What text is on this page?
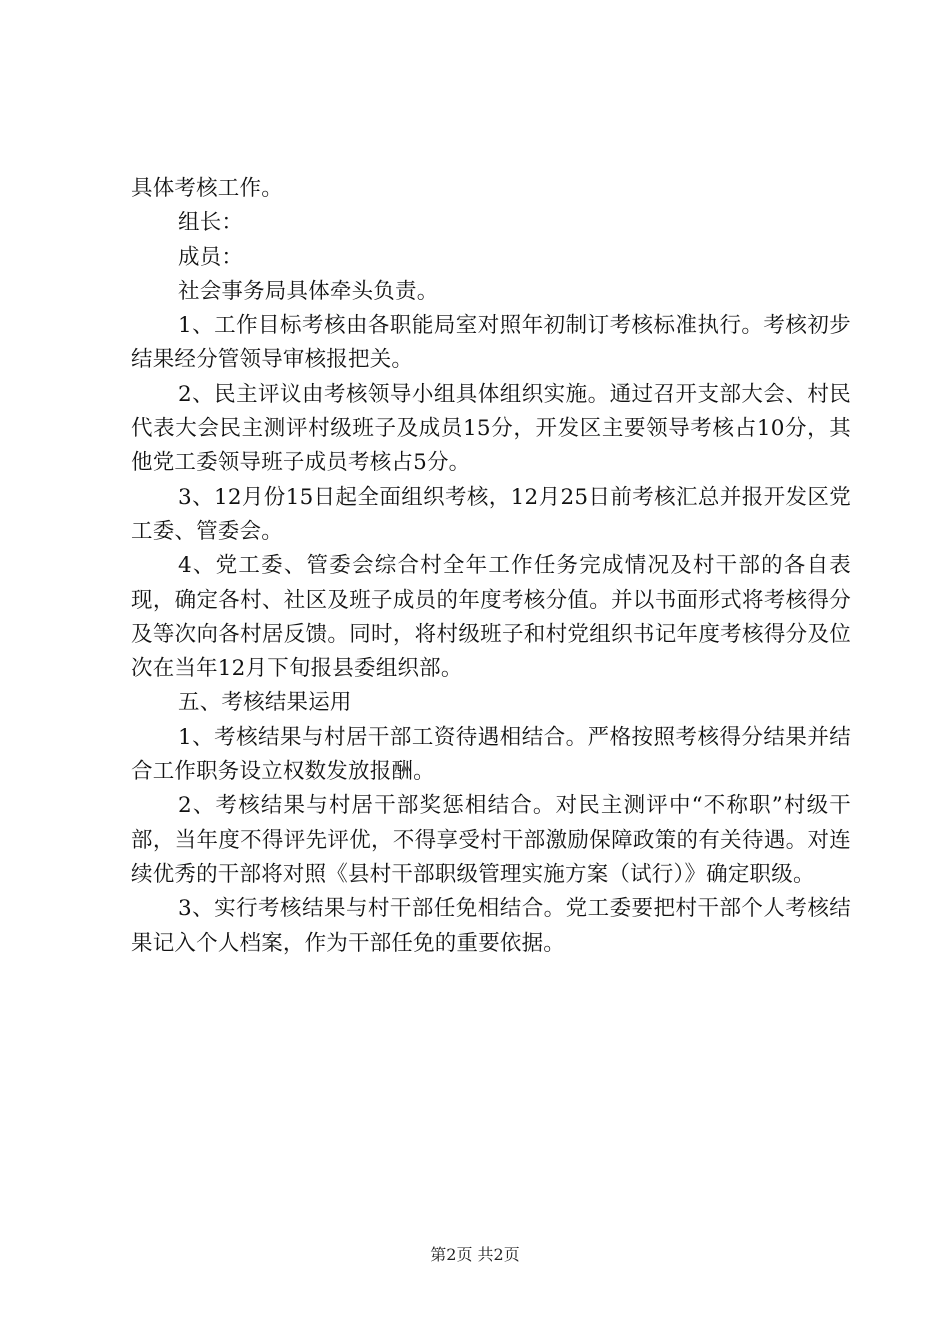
具体考核工作。

组长：

成员：

社会事务局具体牵头负责。

1、工作目标考核由各职能局室对照年初制订考核标准执行。考核初步结果经分管领导审核报把关。

2、民主评议由考核领导小组具体组织实施。通过召开支部大会、村民代表大会民主测评村级班子及成员15分，开发区主要领导考核占10分，其他党工委领导班子成员考核占5分。

3、12月份15日起全面组织考核，12月25日前考核汇总并报开发区党工委、管委会。

4、党工委、管委会综合村全年工作任务完成情况及村干部的各自表现，确定各村、社区及班子成员的年度考核分值。并以书面形式将考核得分及等次向各村居反馈。同时，将村级班子和村党组织书记年度考核得分及位次在当年12月下旬报县委组织部。

五、考核结果运用

1、考核结果与村居干部工资待遇相结合。严格按照考核得分结果并结合工作职务设立权数发放报酬。

2、考核结果与村居干部奖惩相结合。对民主测评中“不称职”村级干部，当年度不得评先评优，不得享受村干部激励保障政策的有关待遇。对连续优秀的干部将对照《县村干部职级管理实施方案（试行）》确定职级。

3、实行考核结果与村干部任免相结合。党工委要把村干部个人考核结果记入个人档案，作为干部任免的重要依据。

第2页 共2页
